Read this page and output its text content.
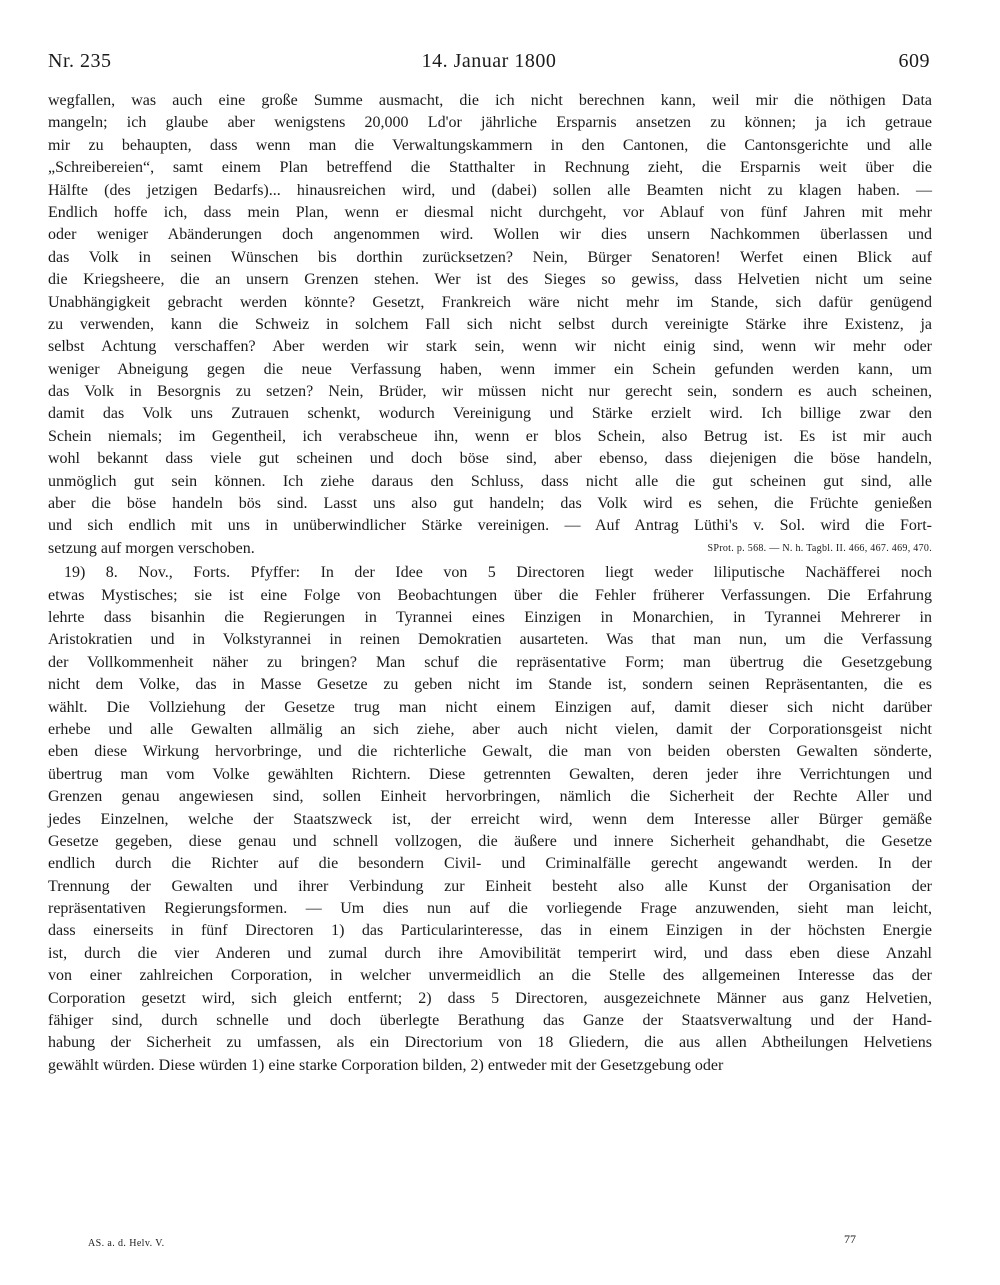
Nr. 235	14. Januar 1800	609
wegfallen, was auch eine große Summe ausmacht, die ich nicht berechnen kann, weil mir die nöthigen Data
mangeln; ich glaube aber wenigstens 20,000 Ld'or jährliche Ersparnis ansetzen zu können; ja ich getraue
mir zu behaupten, dass wenn man die Verwaltungskammern in den Cantonen, die Cantonsgerichte und alle
„Schreibereien“, samt einem Plan betreffend die Statthalter in Rechnung zieht, die Ersparnis weit über die
Hälfte (des jetzigen Bedarfs)... hinausreichen wird, und (dabei) sollen alle Beamten nicht zu klagen haben. —
Endlich hoffe ich, dass mein Plan, wenn er diesmal nicht durchgeht, vor Ablauf von fünf Jahren mit mehr
oder weniger Abänderungen doch angenommen wird. Wollen wir dies unsern Nachkommen überlassen und
das Volk in seinen Wünschen bis dorthin zurücksetzen? Nein, Bürger Senatoren! Werfet einen Blick auf
die Kriegsheere, die an unsern Grenzen stehen. Wer ist des Sieges so gewiss, dass Helvetien nicht um seine
Unabhängigkeit gebracht werden könnte? Gesetzt, Frankreich wäre nicht mehr im Stande, sich dafür genügend
zu verwenden, kann die Schweiz in solchem Fall sich nicht selbst durch vereinigte Stärke ihre Existenz, ja
selbst Achtung verschaffen? Aber werden wir stark sein, wenn wir nicht einig sind, wenn wir mehr oder
weniger Abneigung gegen die neue Verfassung haben, wenn immer ein Schein gefunden werden kann, um
das Volk in Besorgnis zu setzen? Nein, Brüder, wir müssen nicht nur gerecht sein, sondern es auch scheinen,
damit das Volk uns Zutrauen schenkt, wodurch Vereinigung und Stärke erzielt wird. Ich billige zwar den
Schein niemals; im Gegentheil, ich verabscheue ihn, wenn er blos Schein, also Betrug ist. Es ist mir auch
wohl bekannt dass viele gut scheinen und doch böse sind, aber ebenso, dass diejenigen die böse handeln,
unmöglich gut sein können. Ich ziehe daraus den Schluss, dass nicht alle die gut scheinen gut sind, alle
aber die böse handeln bös sind. Lasst uns also gut handeln; das Volk wird es sehen, die Früchte genießen
und sich endlich mit uns in unüberwindlicher Stärke vereinigen. — Auf Antrag Lüthi's v. Sol. wird die Fort-
setzung auf morgen verschoben.	SProt. p. 568. — N. h. Tagbl. II. 466, 467. 469, 470.
19) 8. Nov., Forts. Pfyffer: In der Idee von 5 Directoren liegt weder liliputische Nachäfferei noch
etwas Mystisches; sie ist eine Folge von Beobachtungen über die Fehler früherer Verfassungen. Die Erfahrung
lehrte dass bisanhin die Regierungen in Tyrannei eines Einzigen in Monarchien, in Tyrannei Mehrerer in
Aristokratien und in Volkstyrannei in reinen Demokratien ausarteten. Was that man nun, um die Verfassung
der Vollkommenheit näher zu bringen? Man schuf die repräsentative Form; man übertrug die Gesetzgebung
nicht dem Volke, das in Masse Gesetze zu geben nicht im Stande ist, sondern seinen Repräsentanten, die es
wählt. Die Vollziehung der Gesetze trug man nicht einem Einzigen auf, damit dieser sich nicht darüber
erhebe und alle Gewalten allmälig an sich ziehe, aber auch nicht vielen, damit der Corporationsgeist nicht
eben diese Wirkung hervorbringe, und die richterliche Gewalt, die man von beiden obersten Gewalten sönderte,
übertrug man vom Volke gewählten Richtern. Diese getrennten Gewalten, deren jeder ihre Verrichtungen und
Grenzen genau angewiesen sind, sollen Einheit hervorbringen, nämlich die Sicherheit der Rechte Aller und
jedes Einzelnen, welche der Staatszweck ist, der erreicht wird, wenn dem Interesse aller Bürger gemäße
Gesetze gegeben, diese genau und schnell vollzogen, die äußere und innere Sicherheit gehandhabt, die Gesetze
endlich durch die Richter auf die besondern Civil- und Criminalfälle gerecht angewandt werden. In der
Trennung der Gewalten und ihrer Verbindung zur Einheit besteht also alle Kunst der Organisation der
repräsentativen Regierungsformen. — Um dies nun auf die vorliegende Frage anzuwenden, sieht man leicht,
dass einerseits in fünf Directoren 1) das Particularinteresse, das in einem Einzigen in der höchsten Energie
ist, durch die vier Anderen und zumal durch ihre Amovibilität temperirt wird, und dass eben diese Anzahl
von einer zahlreichen Corporation, in welcher unvermeidlich an die Stelle des allgemeinen Interesse das der
Corporation gesetzt wird, sich gleich entfernt; 2) dass 5 Directoren, ausgezeichnete Männer aus ganz Helvetien,
fähiger sind, durch schnelle und doch überlegte Berathung das Ganze der Staatsverwaltung und der Hand-
habung der Sicherheit zu umfassen, als ein Directorium von 18 Gliedern, die aus allen Abtheilungen Helvetiens
gewählt würden. Diese würden 1) eine starke Corporation bilden, 2) entweder mit der Gesetzgebung oder
AS. a. d. Helv. V.	77
